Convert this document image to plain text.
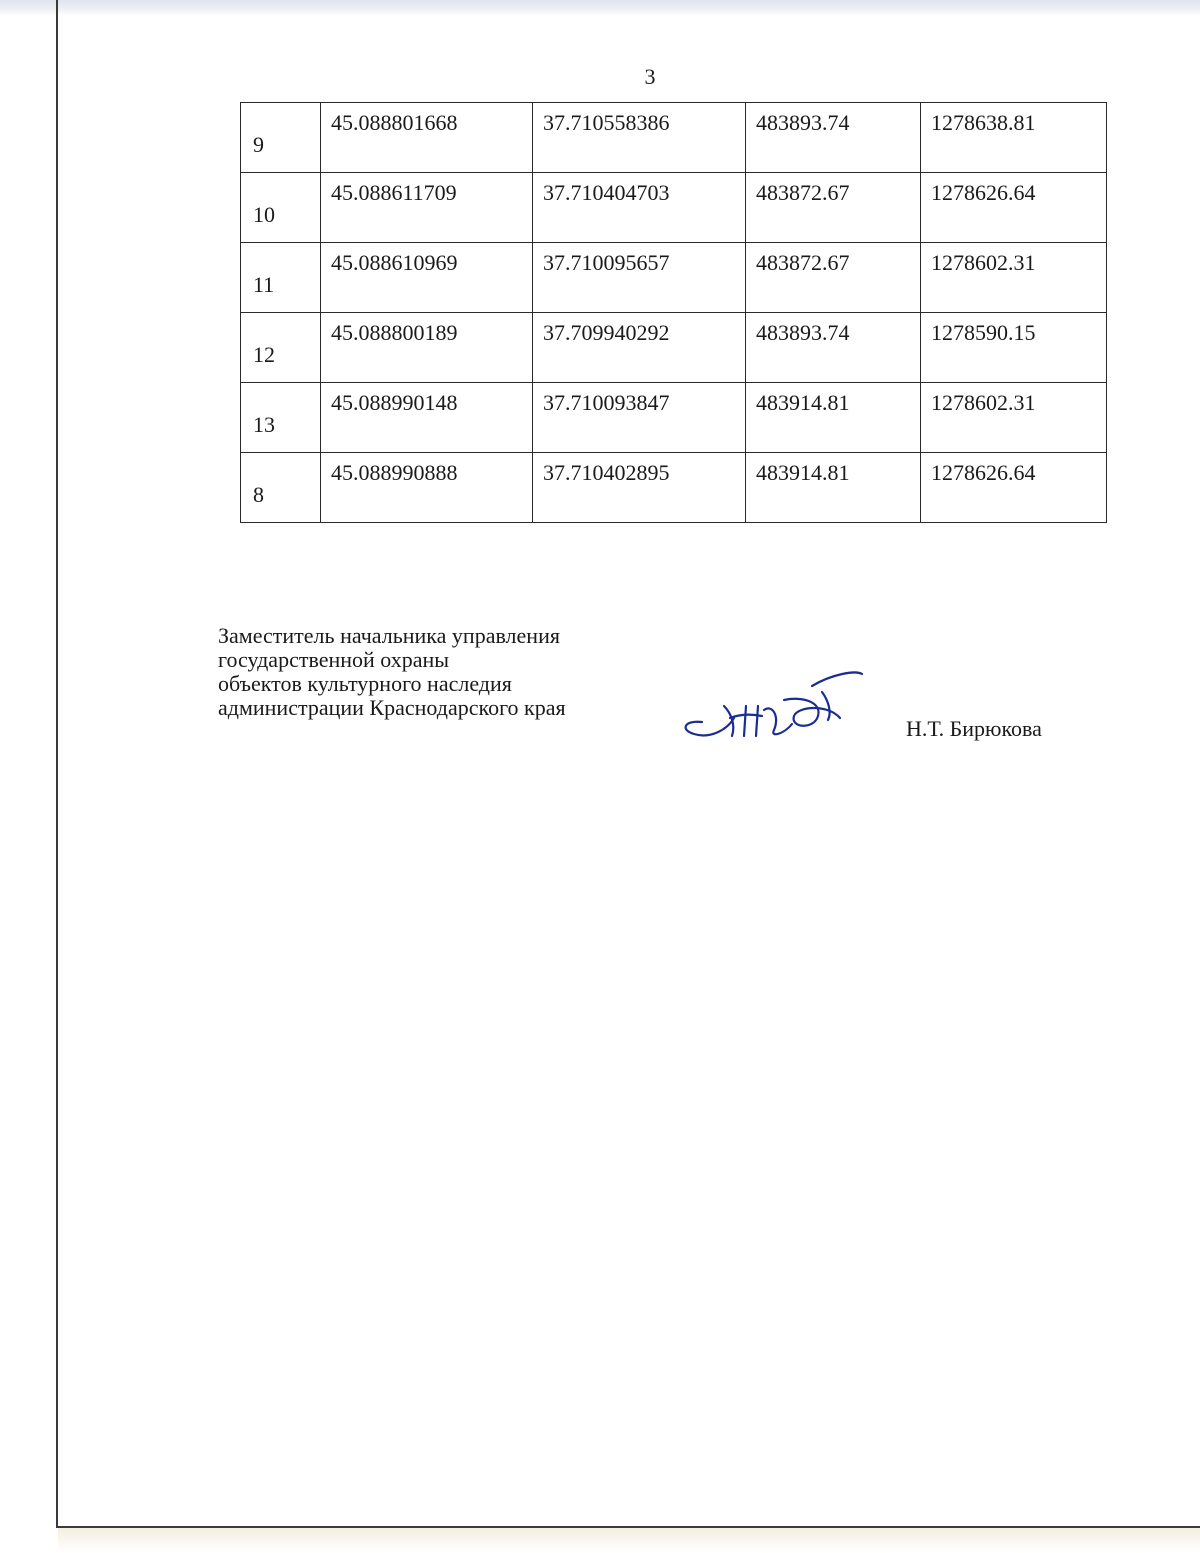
3
9	45.088801668	37.710558386	483893.74	1278638.81

10	45.088611709	37.710404703	483872.67	1278626.64

11	45.088610969	37.710095657	483872.67	1278602.31

12	45.088800189	37.709940292	483893.74	1278590.15

13	45.088990148	37.710093847	483914.81	1278602.31

8	45.088990888	37.710402895	483914.81	1278626.64
Заместитель начальника управления
государственной охраны
объектов культурного наследия
администрации Краснодарского края
Н.Т. Бирюкова
